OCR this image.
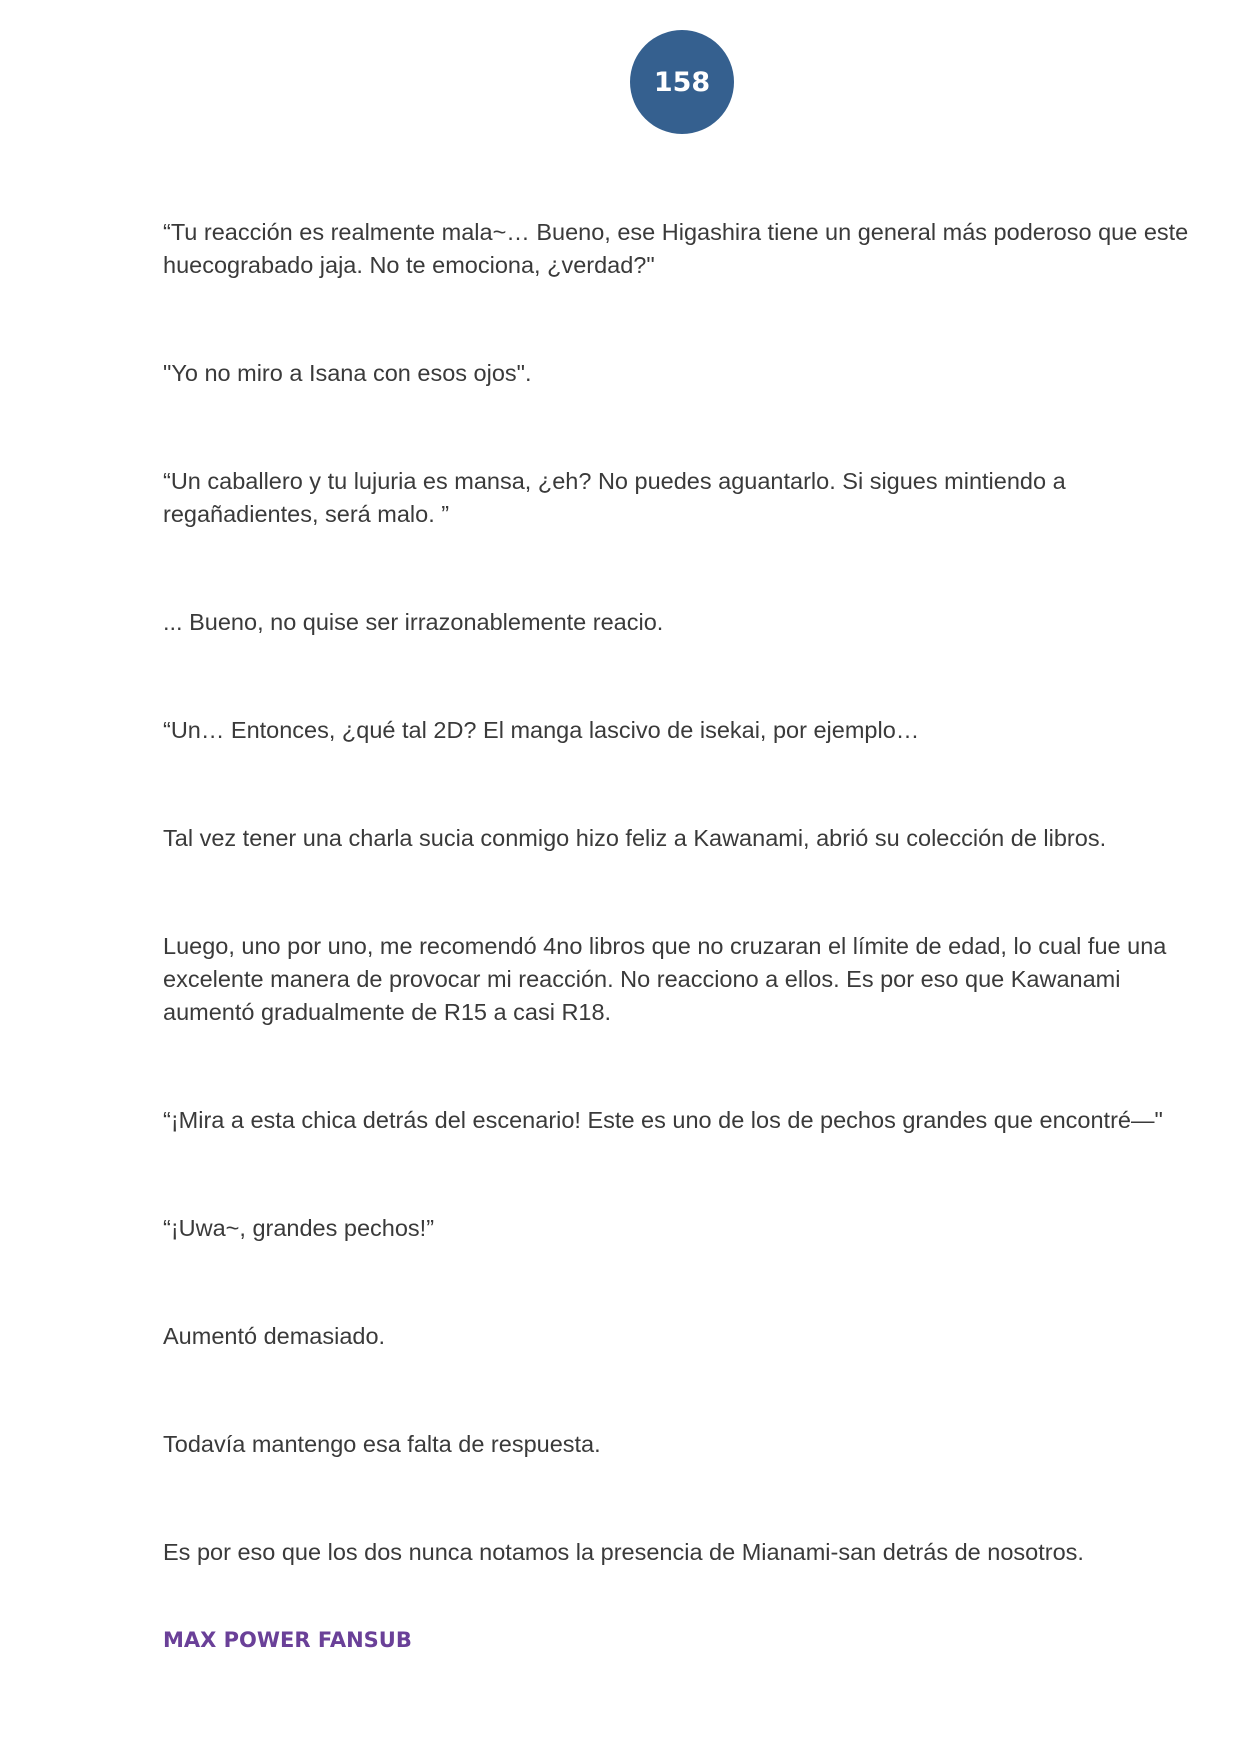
158

“Tu reacción es realmente mala~… Bueno, ese Higashira tiene un general más poderoso que este huecograbado jaja. No te emociona, ¿verdad?"

"Yo no miro a Isana con esos ojos".

“Un caballero y tu lujuria es mansa, ¿eh? No puedes aguantarlo. Si sigues mintiendo a regañadientes, será malo. ”

... Bueno, no quise ser irrazonablemente reacio.

“Un… Entonces, ¿qué tal 2D? El manga lascivo de isekai, por ejemplo…

Tal vez tener una charla sucia conmigo hizo feliz a Kawanami, abrió su colección de libros.

Luego, uno por uno, me recomendó 4no libros que no cruzaran el límite de edad, lo cual fue una excelente manera de provocar mi reacción. No reacciono a ellos. Es por eso que Kawanami aumentó gradualmente de R15 a casi R18.

“¡Mira a esta chica detrás del escenario! Este es uno de los de pechos grandes que encontré—"

“¡Uwa~, grandes pechos!”

Aumentó demasiado.

Todavía mantengo esa falta de respuesta.

Es por eso que los dos nunca notamos la presencia de Mianami-san detrás de nosotros.

MAX POWER FANSUB
